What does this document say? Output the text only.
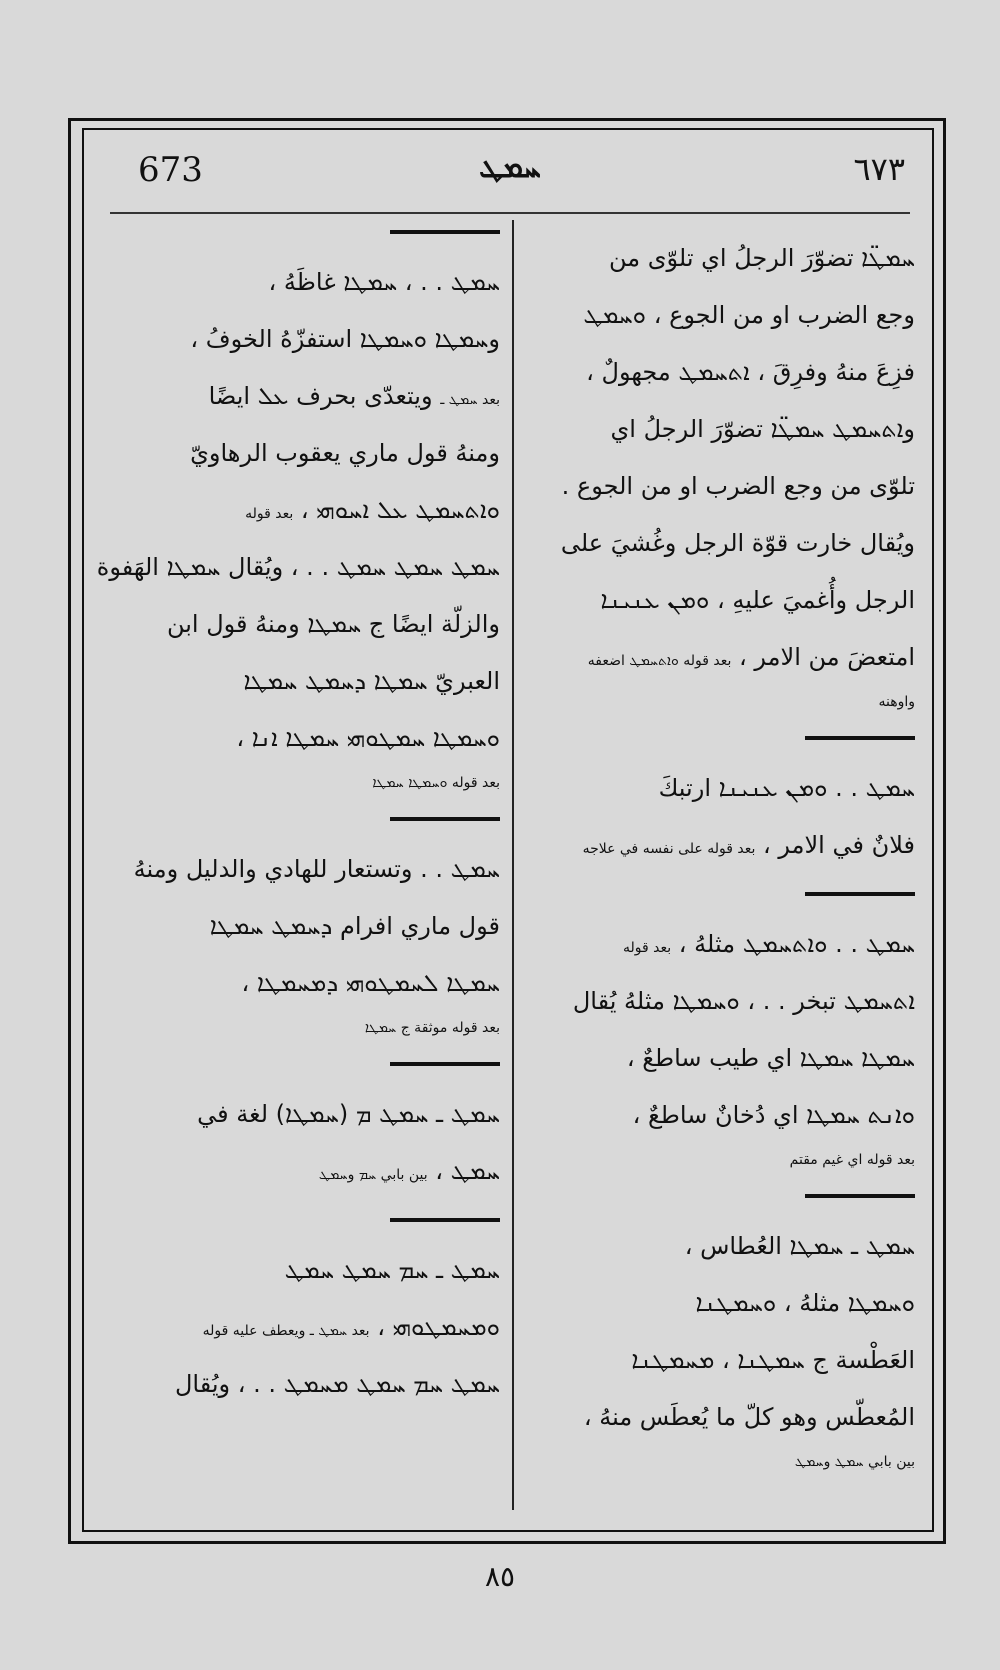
673	ܚܡܛ	٦٧٣
ܚܡܛ̈ܐ تضوّرَ الرجلُ اي تلوّى من
وجع الضرب او من الجوع ، ܘܚܡܛ
فزِعَ منهُ وفرِقَ ، ܐܬܚܡܛ مجهولٌ ،
وܐܬܚܡܛ ܚܡܛ̈ܐ تضوّرَ الرجلُ اي
تلوّى من وجع الضرب او من الجوع .
ويُقال خارت قوّة الرجل وغُشيَ على
الرجل وأُغميَ عليهِ ، ܘܡܢ ܥܢܝܢܐ
امتعضَ من الامر ، بعد قوله ܘܐܬܚܡܛ اضعفه
واوهنه
ܚܡܛ . . ܘܡܢ ܥܢܝܢܐ ارتبكَ
فلانٌ في الامر ، بعد قوله على نفسه في علاجه
ܚܡܛ . . ܘܐܬܚܡܛ مثلهُ ، بعد قوله
ܐܬܚܡܛ تبخر . . ، ܘܚܡܛܐ مثلهُ يُقال
ܚܡܛܐ ܚܡܛܐ اي طيب ساطعٌ ،
ܘܐܢܬ ܚܡܛܐ اي دُخانٌ ساطعٌ ،
بعد قوله اي غيم مقتم
ܚܡܛ ـ ܚܡܛܐ العُطاس ،
ܘܚܡܛܐ مثلهُ ، ܘܚܡܛܢܐ
العَطْسة ج ܚܡܛܢܐ ، ܡܚܡܛܢܐ
المُعطّس وهو كلّ ما يُعطَس منهُ ،
بين بابي ܚܡܛ وܚܡܛ
ܚܡܛ . . ، ܚܡܛܐ غاظَهُ ،
وܚܡܛܐ ܘܚܡܛܐ استفزّهُ الخوفُ ،
بعد ܚܡܛ ـ ويتعدّى بحرف ܥܠ ايضًا
ومنهُ قول ماري يعقوب الرهاويّ
ܘܐܬܚܡܛ ܥܠ ܐܚܘܗܝ ، بعد قوله
ܚܡܛ ܚܡܛ ܚܡܛ . . ، ويُقال ܚܡܛܐ الهَفوة
والزلّة ايضًا ج ܚܡܛܐ ومنهُ قول ابن
العبريّ ܚܡܛܐ ܕܚܡܛ ܚܡܛܐ
ܘܚܡܛܐ ܚܡܛܘܗܝ ܚܡܛܐ ܐܢܐ ،
بعد قوله ܘܚܡܛܐ ܚܡܛܐ
ܚܡܛ . . وتستعار للهادي والدليل ومنهُ
قول ماري افرام ܕܚܡܛ ܚܡܛܐ
ܚܡܛܐ ܠܚܡܛܘܗܝ ܕܡܚܡܛܐ ،
بعد قوله موثقة ج ܚܡܛܐ
ܚܡܛ ـ ܚܡܛ ܡ (ܚܡܛܐ) لغة في
ܚܡܛ ، بين بابي ܚܡ وܚܡܛ
ܚܡܛ ـ ܚܡ ܚܡܛ ܚܡܛ
ܘܡܚܡܛܘܗܝ ، بعد ܚܡܛ ـ ويعطف عليه قوله
ܚܡܛ ܚܡ ܚܡܛ ܡܚܡܛ . . ، ويُقال
٨٥
